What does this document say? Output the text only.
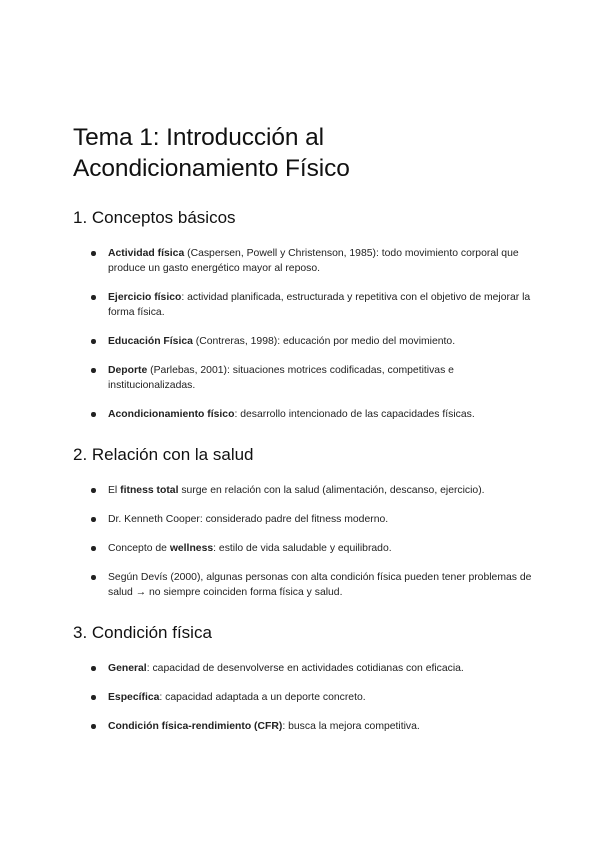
Tema 1: Introducción al
Acondicionamiento Físico
1. Conceptos básicos
Actividad física (Caspersen, Powell y Christenson, 1985): todo movimiento corporal que produce un gasto energético mayor al reposo.
Ejercicio físico: actividad planificada, estructurada y repetitiva con el objetivo de mejorar la forma física.
Educación Física (Contreras, 1998): educación por medio del movimiento.
Deporte (Parlebas, 2001): situaciones motrices codificadas, competitivas e institucionalizadas.
Acondicionamiento físico: desarrollo intencionado de las capacidades físicas.
2. Relación con la salud
El fitness total surge en relación con la salud (alimentación, descanso, ejercicio).
Dr. Kenneth Cooper: considerado padre del fitness moderno.
Concepto de wellness: estilo de vida saludable y equilibrado.
Según Devís (2000), algunas personas con alta condición física pueden tener problemas de salud → no siempre coinciden forma física y salud.
3. Condición física
General: capacidad de desenvolverse en actividades cotidianas con eficacia.
Específica: capacidad adaptada a un deporte concreto.
Condición física-rendimiento (CFR): busca la mejora competitiva.
